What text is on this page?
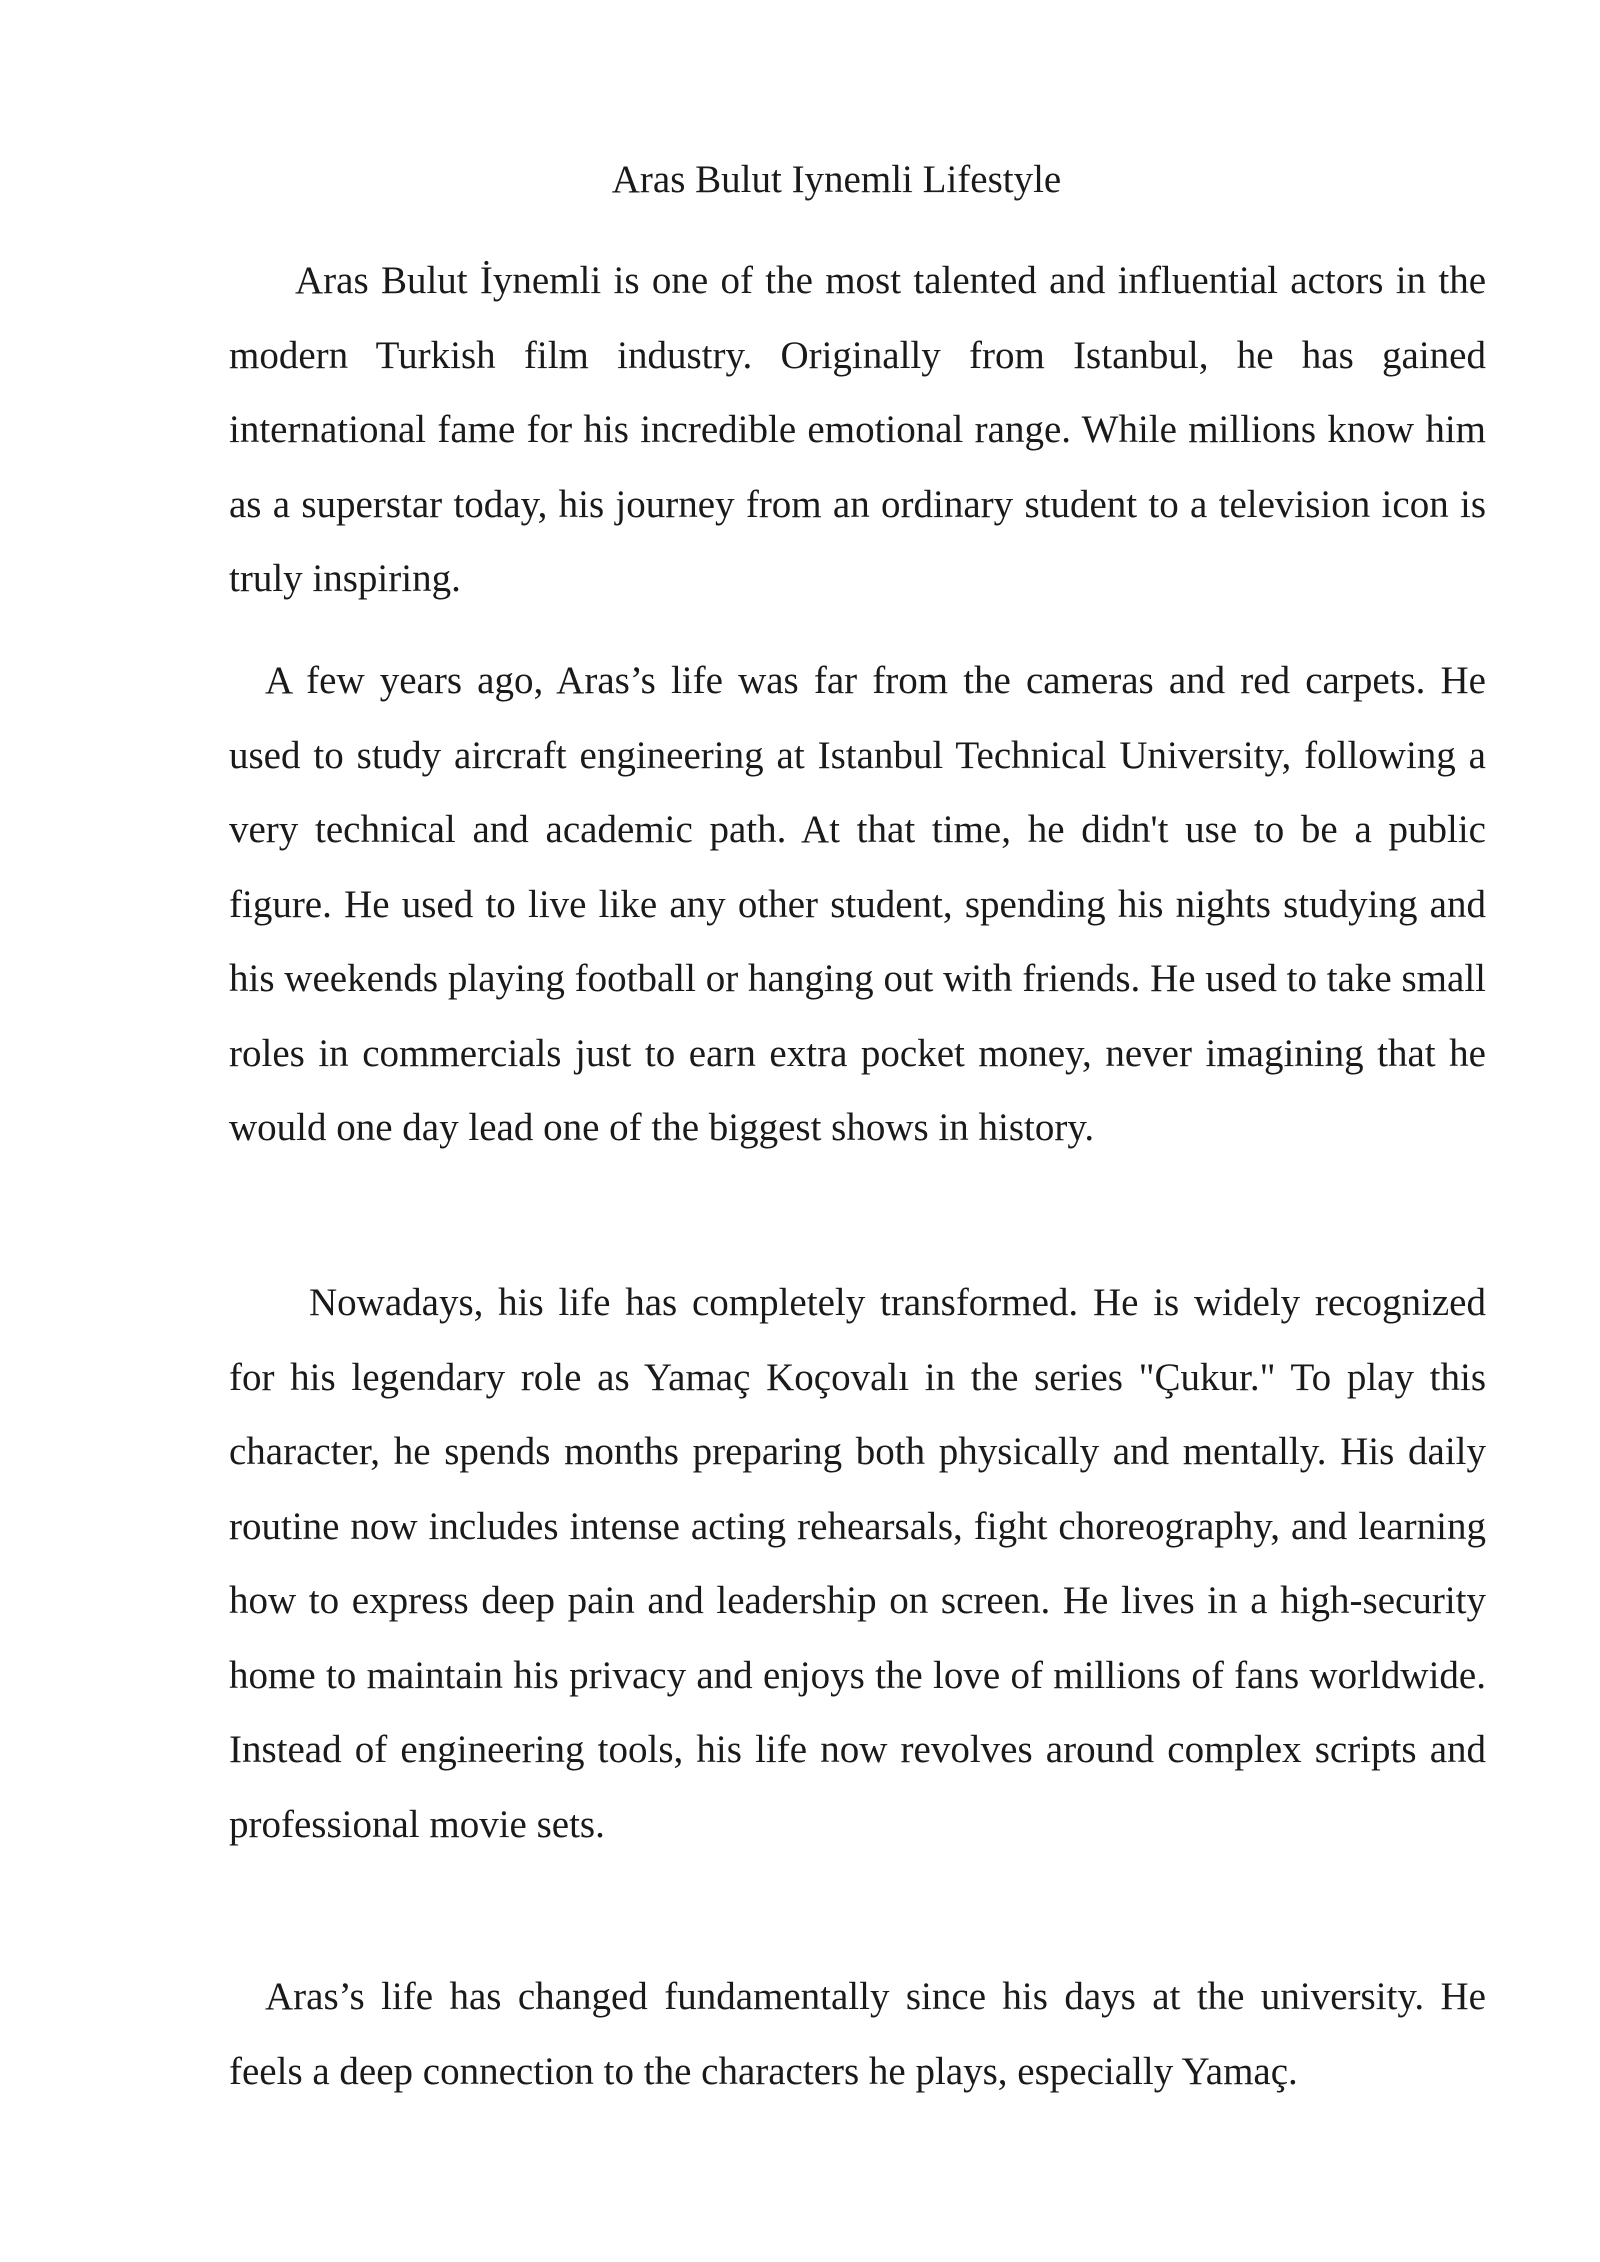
Aras Bulut Iynemli Lifestyle

Aras Bulut İynemli is one of the most talented and influential actors in the modern Turkish film industry. Originally from Istanbul, he has gained international fame for his incredible emotional range. While millions know him as a superstar today, his journey from an ordinary student to a television icon is truly inspiring.

A few years ago, Aras’s life was far from the cameras and red carpets. He used to study aircraft engineering at Istanbul Technical University, following a very technical and academic path. At that time, he didn't use to be a public figure. He used to live like any other student, spending his nights studying and his weekends playing football or hanging out with friends. He used to take small roles in commercials just to earn extra pocket money, never imagining that he would one day lead one of the biggest shows in history.

Nowadays, his life has completely transformed. He is widely recognized for his legendary role as Yamaç Koçovalı in the series "Çukur." To play this character, he spends months preparing both physically and mentally. His daily routine now includes intense acting rehearsals, fight choreography, and learning how to express deep pain and leadership on screen. He lives in a high-security home to maintain his privacy and enjoys the love of millions of fans worldwide. Instead of engineering tools, his life now revolves around complex scripts and professional movie sets.

Aras’s life has changed fundamentally since his days at the university. He feels a deep connection to the characters he plays, especially Yamaç.
